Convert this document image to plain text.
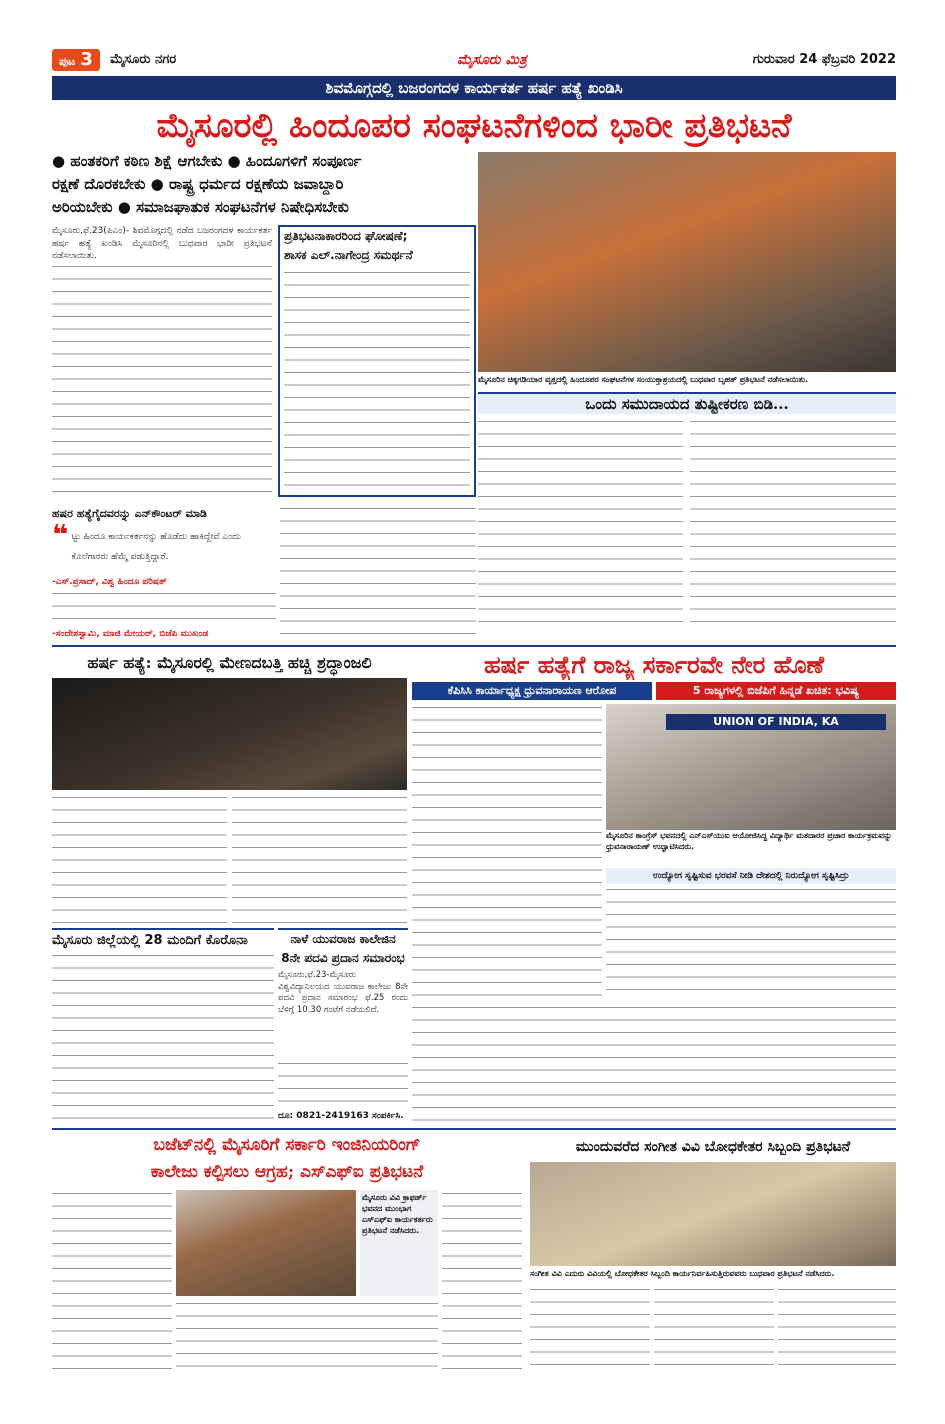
ಪುಟ 3	ಮೈಸೂರು ನಗರ	ಮೈಸೂರು ಮಿತ್ರ	ಗುರುವಾರ 24 ಫೆಬ್ರವರಿ 2022
ಶಿವಮೊಗ್ಗದಲ್ಲಿ ಬಜರಂಗದಳ ಕಾರ್ಯಕರ್ತ ಹರ್ಷ ಹತ್ಯೆ ಖಂಡಿಸಿ
ಮೈಸೂರಲ್ಲಿ ಹಿಂದೂಪರ ಸಂಘಟನೆಗಳಿಂದ ಭಾರೀ ಪ್ರತಿಭಟನೆ
● ಹಂತಕರಿಗೆ ಕಠಿಣ ಶಿಕ್ಷೆ ಆಗಬೇಕು ● ಹಿಂದೂಗಳಿಗೆ ಸಂಪೂರ್ಣ
ರಕ್ಷಣೆ ದೊರಕಬೇಕು ● ರಾಷ್ಟ್ರ ಧರ್ಮದ ರಕ್ಷಣೆಯ ಜವಾಬ್ದಾರಿ
ಅರಿಯಬೇಕು ● ಸಮಾಜಘಾತುಕ ಸಂಘಟನೆಗಳ ನಿಷೇಧಿಸಬೇಕು
ಮೈಸೂರಿನ ಚಿಕ್ಕಗಡಿಯಾರ ವೃತ್ತದಲ್ಲಿ ಹಿಂದೂಪರ ಸಂಘಟನೆಗಳ ಸಂಯುಕ್ತಾಶ್ರಯದಲ್ಲಿ ಬುಧವಾರ ಬೃಹತ್ ಪ್ರತಿಭಟನೆ ನಡೆಸಲಾಯಿತು.
ಮೈಸೂರು,ಫೆ.23(ಪಿಎಂ)- ಶಿವಮೊಗ್ಗದಲ್ಲಿ ನಡೆದ ಬಜರಂಗದಳ ಕಾರ್ಯಕರ್ತ ಹರ್ಷ ಹತ್ಯೆ ಖಂಡಿಸಿ ಮೈಸೂರಿನಲ್ಲಿ ಬುಧವಾರ ಭಾರೀ ಪ್ರತಿಭಟನೆ ನಡೆಸಲಾಯಿತು.
ಪ್ರತಿಭಟನಾಕಾರರಿಂದ ಘೋಷಣೆ;
ಶಾಸಕ ಎಲ್.ನಾಗೇಂದ್ರ ಸಮರ್ಥನೆ
ಹಷರ ಹತ್ಯೆಗೈದವರನ್ನು ಎನ್‌ಕೌಂಟರ್ ಮಾಡಿ
❝ ಟ್ಟು ಹಿಂದೂ ಕಾರ್ಯಕರ್ತನನ್ನು ಹೊಡೆದು ಹಾಕಿದ್ದೇವೆ ಎಂದು ಕೊಲೆಗಾರರು ಹೆಮ್ಮೆ ಪಡುತ್ತಿದ್ದಾರೆ.
-ಎಸ್.ಪ್ರಸಾದ್, ವಿಶ್ವ ಹಿಂದೂ ಪರಿಷತ್
-ಸಂದೇಶಸ್ವಾಮಿ, ಮಾಜಿ ಮೇಯರ್, ಬಿಜೆಪಿ ಮುಖಂಡ
ಒಂದು ಸಮುದಾಯದ ತುಷ್ಟೀಕರಣ ಬಿಡಿ...
ಹರ್ಷ ಹತ್ಯೆ: ಮೈಸೂರಲ್ಲಿ ಮೇಣದಬತ್ತಿ ಹಚ್ಚಿ ಶ್ರದ್ಧಾಂಜಲಿ	ಹರ್ಷ ಹತ್ಯೆಗೆ ರಾಜ್ಯ ಸರ್ಕಾರವೇ ನೇರ ಹೊಣೆ
ಕೆಪಿಸಿಸಿ ಕಾರ್ಯಾಧ್ಯಕ್ಷ ಧ್ರುವನಾರಾಯಣ ಆರೋಪ	5 ರಾಜ್ಯಗಳಲ್ಲಿ ಬಿಜೆಪಿಗೆ ಹಿನ್ನಡೆ ಖಚಿತ: ಭವಿಷ್ಯ
UNION OF INDIA, KA
ಮೈಸೂರಿನ ಕಾಂಗ್ರೆಸ್ ಭವನದಲ್ಲಿ ಎನ್‌ಎಸ್‌ಯುಐ ಆಯೋಜಿಸಿದ್ದ ವಿದ್ಯಾರ್ಥಿ ಮತದಾರರ ಪ್ರಚಾರ ಕಾರ್ಯಕ್ರಮವನ್ನು ಧ್ರುವನಾರಾಯಣ್ ಉದ್ಘಾಟಿಸಿದರು.
ಉದ್ಯೋಗ ಸೃಷ್ಟಿಸುವ ಭರವಸೆ ನೀಡಿ ದೇಶದಲ್ಲಿ ನಿರುದ್ಯೋಗ ಸೃಷ್ಟಿಸಿದ್ರು
ಮೈಸೂರು ಜಿಲ್ಲೆಯಲ್ಲಿ 28 ಮಂದಿಗೆ ಕೊರೊನಾ	ನಾಳೆ ಯುವರಾಜ ಕಾಲೇಜಿನ
8ನೇ ಪದವಿ ಪ್ರದಾನ ಸಮಾರಂಭ
ಮೈಸೂರು,ಫೆ.23-ಮೈಸೂರು ವಿಶ್ವವಿದ್ಯಾನಿಲಯದ ಯುವರಾಜ ಕಾಲೇಜು 8ನೇ ಪದವಿ ಪ್ರದಾನ ಸಮಾರಂಭ ಫೆ.25 ರಂದು ಬೆಳಿಗ್ಗೆ 10.30 ಗಂಟೆಗೆ ನಡೆಯಲಿದೆ.
ದೂ: 0821-2419163 ಸಂಪರ್ಕಿಸಿ.
ಬಜೆಟ್‌ನಲ್ಲಿ ಮೈಸೂರಿಗೆ ಸರ್ಕಾರಿ ಇಂಜಿನಿಯರಿಂಗ್
ಕಾಲೇಜು ಕಲ್ಪಿಸಲು ಆಗ್ರಹ; ಎಸ್‌ಎಫ್‌ಐ ಪ್ರತಿಭಟನೆ
ಮೈಸೂರು ವಿವಿ ಕ್ರಾಫರ್ಡ್ ಭವನದ ಮುಂಭಾಗ ಎಸ್‌ಎಫ್‌ಐ ಕಾರ್ಯಕರ್ತರು ಪ್ರತಿಭಟನೆ ನಡೆಸಿದರು.
ಮುಂದುವರೆದ ಸಂಗೀತ ವಿವಿ ಬೋಧಕೇತರ ಸಿಬ್ಬಂದಿ ಪ್ರತಿಭಟನೆ
ಸಂಗೀತ ವಿವಿ ಎದುರು ವಿವಿಯಲ್ಲಿ ಬೋಧಕೇತರ ಸಿಬ್ಬಂದಿ ಕಾರ್ಯನಿರ್ವಹಿಸುತ್ತಿರುವವರು ಬುಧವಾರ ಪ್ರತಿಭಟನೆ ನಡೆಸಿದರು.
